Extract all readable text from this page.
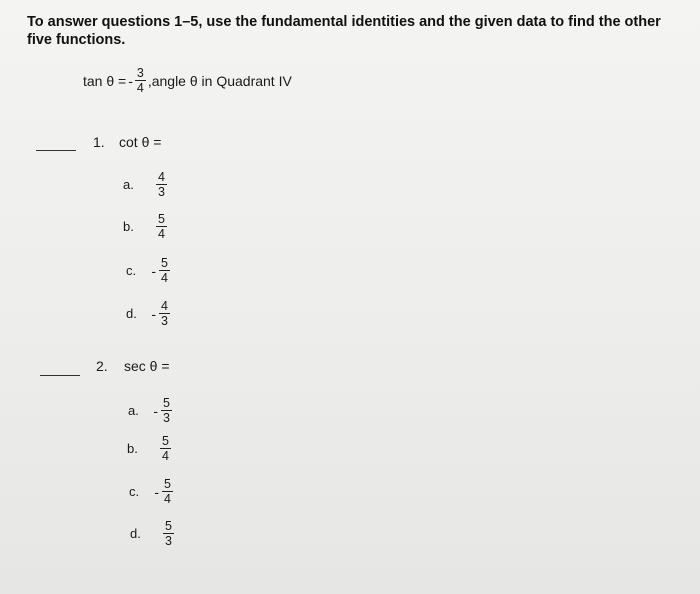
To answer questions 1–5, use the fundamental identities and the given data to find the other five functions.
tan θ = - $\frac{3}{4}$ ,angle θ in Quadrant IV
1. cot θ =
a.	$\frac{4}{3}$
b.	$\frac{5}{4}$
c.	- $\frac{5}{4}$
d.	- $\frac{4}{3}$
2. sec θ =
a.	- $\frac{5}{3}$
b.	$\frac{5}{4}$
c.	- $\frac{5}{4}$
d.	$\frac{5}{3}$
